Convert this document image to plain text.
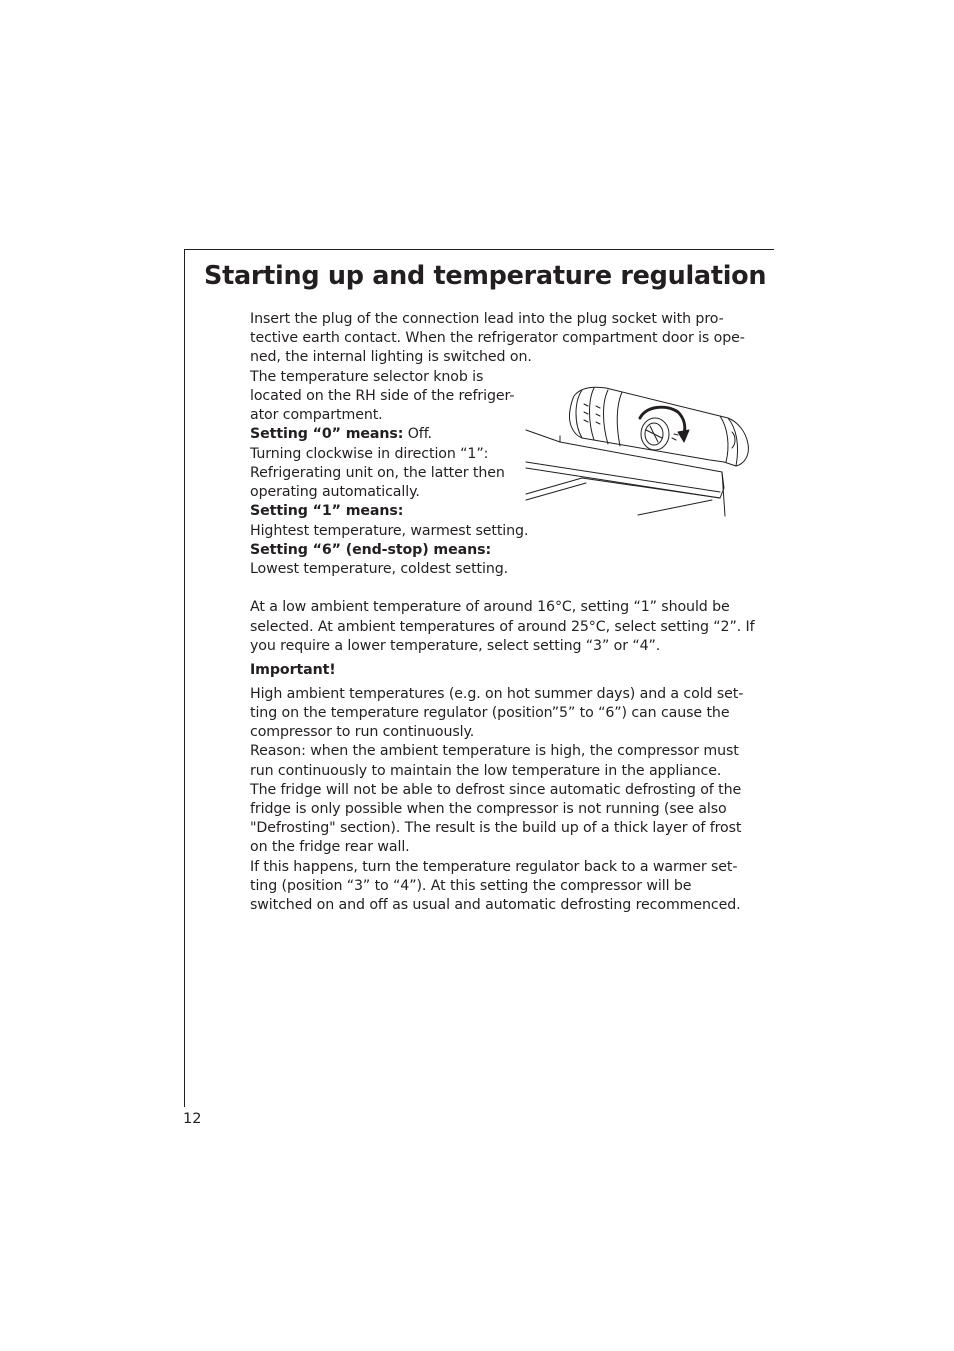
Starting up and temperature regulation
Insert the plug of the connection lead into the plug socket with pro-
tective earth contact. When the refrigerator compartment door is ope-
ned, the internal lighting is switched on.
The temperature selector knob is
located on the RH side of the refriger-
ator compartment.
Setting “0” means: Off.
Turning clockwise in direction “1”:
Refrigerating unit on, the latter then
operating automatically.
Setting “1” means:
Hightest temperature, warmest setting.
Setting “6” (end-stop) means:
Lowest temperature, coldest setting.
At a low ambient temperature of around 16°C, setting “1” should be
selected. At ambient temperatures of around 25°C, select setting “2”. If
you require a lower temperature, select setting “3” or “4”.
Important!
High ambient temperatures (e.g. on hot summer days) and a cold set-
ting on the temperature regulator (position”5” to “6”) can cause the
compressor to run continuously.
Reason: when the ambient temperature is high, the compressor must
run continuously to maintain the low temperature in the appliance.
The fridge will not be able to defrost since automatic defrosting of the
fridge is only possible when the compressor is not running (see also
"Defrosting" section). The result is the build up of a thick layer of frost
on the fridge rear wall.
If this happens, turn the temperature regulator back to a warmer set-
ting (position “3” to “4”). At this setting the compressor will be
switched on and off as usual and automatic defrosting recommenced.
12
